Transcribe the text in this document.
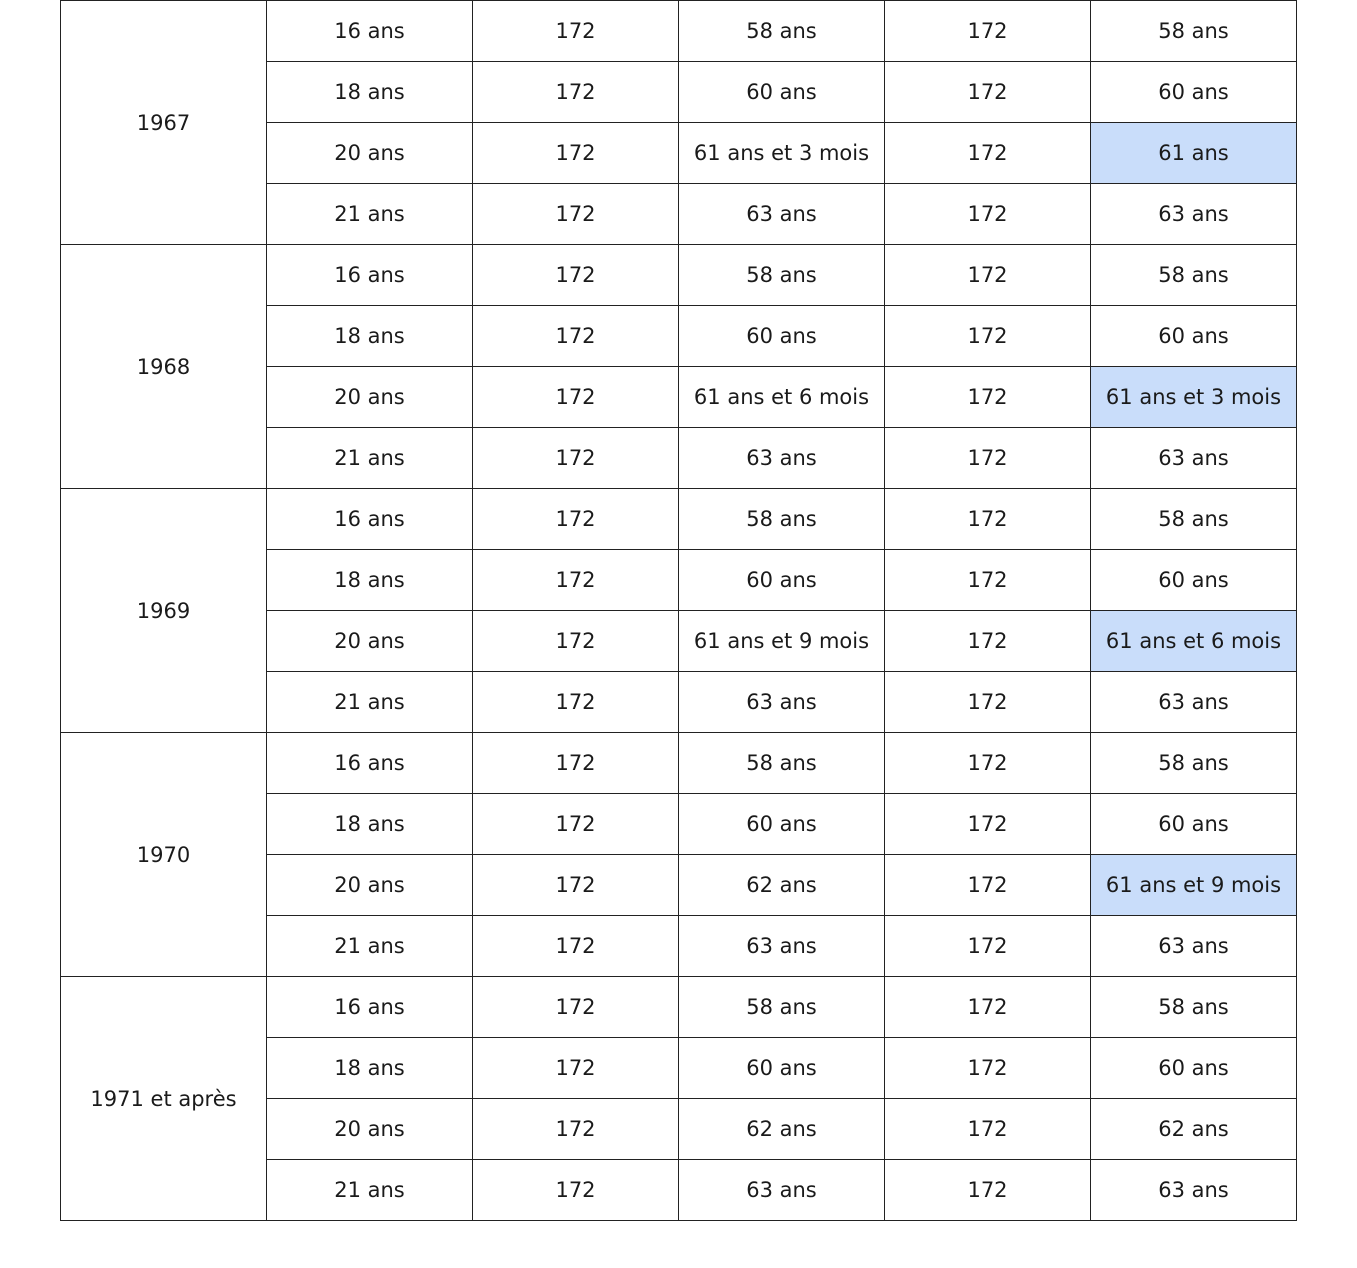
1967	16 ans	172	58 ans	172	58 ans
	18 ans	172	60 ans	172	60 ans
	20 ans	172	61 ans et 3 mois	172	61 ans
	21 ans	172	63 ans	172	63 ans
1968	16 ans	172	58 ans	172	58 ans
	18 ans	172	60 ans	172	60 ans
	20 ans	172	61 ans et 6 mois	172	61 ans et 3 mois
	21 ans	172	63 ans	172	63 ans
1969	16 ans	172	58 ans	172	58 ans
	18 ans	172	60 ans	172	60 ans
	20 ans	172	61 ans et 9 mois	172	61 ans et 6 mois
	21 ans	172	63 ans	172	63 ans
1970	16 ans	172	58 ans	172	58 ans
	18 ans	172	60 ans	172	60 ans
	20 ans	172	62 ans	172	61 ans et 9 mois
	21 ans	172	63 ans	172	63 ans
1971 et après	16 ans	172	58 ans	172	58 ans
	18 ans	172	60 ans	172	60 ans
	20 ans	172	62 ans	172	62 ans
	21 ans	172	63 ans	172	63 ans
